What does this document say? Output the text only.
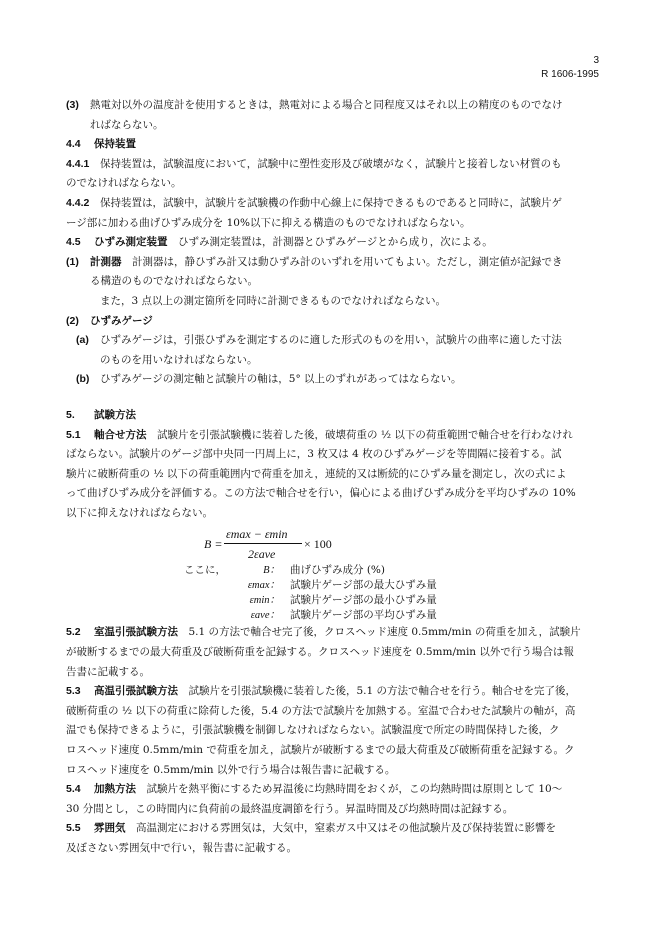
3
R 1606-1995

(3) 熱電対以外の温度計を使用するときは，熱電対による場合と同程度又はそれ以上の精度のものでなけ

ればならない。

4.4 保持装置

4.4.1 保持装置は，試験温度において，試験中に塑性変形及び破壊がなく，試験片と接着しない材質のも

のでなければならない。

4.4.2 保持装置は，試験中，試験片を試験機の作動中心線上に保持できるものであると同時に，試験片ゲ

ージ部に加わる曲げひずみ成分を 10%以下に抑える構造のものでなければならない。

4.5 ひずみ測定装置　 ひずみ測定装置は，計測器とひずみゲージとから成り，次による。

(1) 計測器　 計測器は，静ひずみ計又は動ひずみ計のいずれを用いてもよい。ただし，測定値が記録でき

る構造のものでなければならない。

また，3 点以上の測定箇所を同時に計測できるものでなければならない。

(2) ひずみゲージ

(a) ひずみゲージは，引張ひずみを測定するのに適した形式のものを用い，試験片の曲率に適した寸法

のものを用いなければならない。

(b) ひずみゲージの測定軸と試験片の軸は，5° 以上のずれがあってはならない。

5. 試験方法

5.1 軸合せ方法　 試験片を引張試験機に装着した後，破壊荷重の ½ 以下の荷重範囲で軸合せを行わなけれ

ばならない。試験片のゲージ部中央同一円周上に，3 枚又は 4 枚のひずみゲージを等間隔に接着する。試

験片に破断荷重の ½ 以下の荷重範囲内で荷重を加え，連続的又は断続的にひずみ量を測定し，次の式によ

って曲げひずみ成分を評価する。この方法で軸合せを行い，偏心による曲げひずみ成分を平均ひずみの 10%

以下に抑えなければならない。

B =
εmax − εmin
2εave
× 100
ここに，	B： 曲げひずみ成分 (%)
εmax： 試験片ゲージ部の最大ひずみ量
εmin： 試験片ゲージ部の最小ひずみ量
εave： 試験片ゲージ部の平均ひずみ量

5.2 室温引張試験方法　 5.1 の方法で軸合せ完了後，クロスヘッド速度 0.5mm/min の荷重を加え，試験片

が破断するまでの最大荷重及び破断荷重を記録する。クロスヘッド速度を 0.5mm/min 以外で行う場合は報

告書に記載する。

5.3 高温引張試験方法　 試験片を引張試験機に装着した後，5.1 の方法で軸合せを行う。軸合せを完了後，

破断荷重の ½ 以下の荷重に除荷した後，5.4 の方法で試験片を加熱する。室温で合わせた試験片の軸が，高

温でも保持できるように，引張試験機を制御しなければならない。試験温度で所定の時間保持した後，ク

ロスヘッド速度 0.5mm/min で荷重を加え，試験片が破断するまでの最大荷重及び破断荷重を記録する。ク

ロスヘッド速度を 0.5mm/min 以外で行う場合は報告書に記載する。

5.4 加熱方法　 試験片を熱平衡にするため昇温後に均熱時間をおくが，この均熱時間は原則として 10〜

30 分間とし，この時間内に負荷前の最終温度調節を行う。昇温時間及び均熱時間は記録する。

5.5 雰囲気　 高温測定における雰囲気は，大気中，窒素ガス中又はその他試験片及び保持装置に影響を

及ぼさない雰囲気中で行い，報告書に記載する。
